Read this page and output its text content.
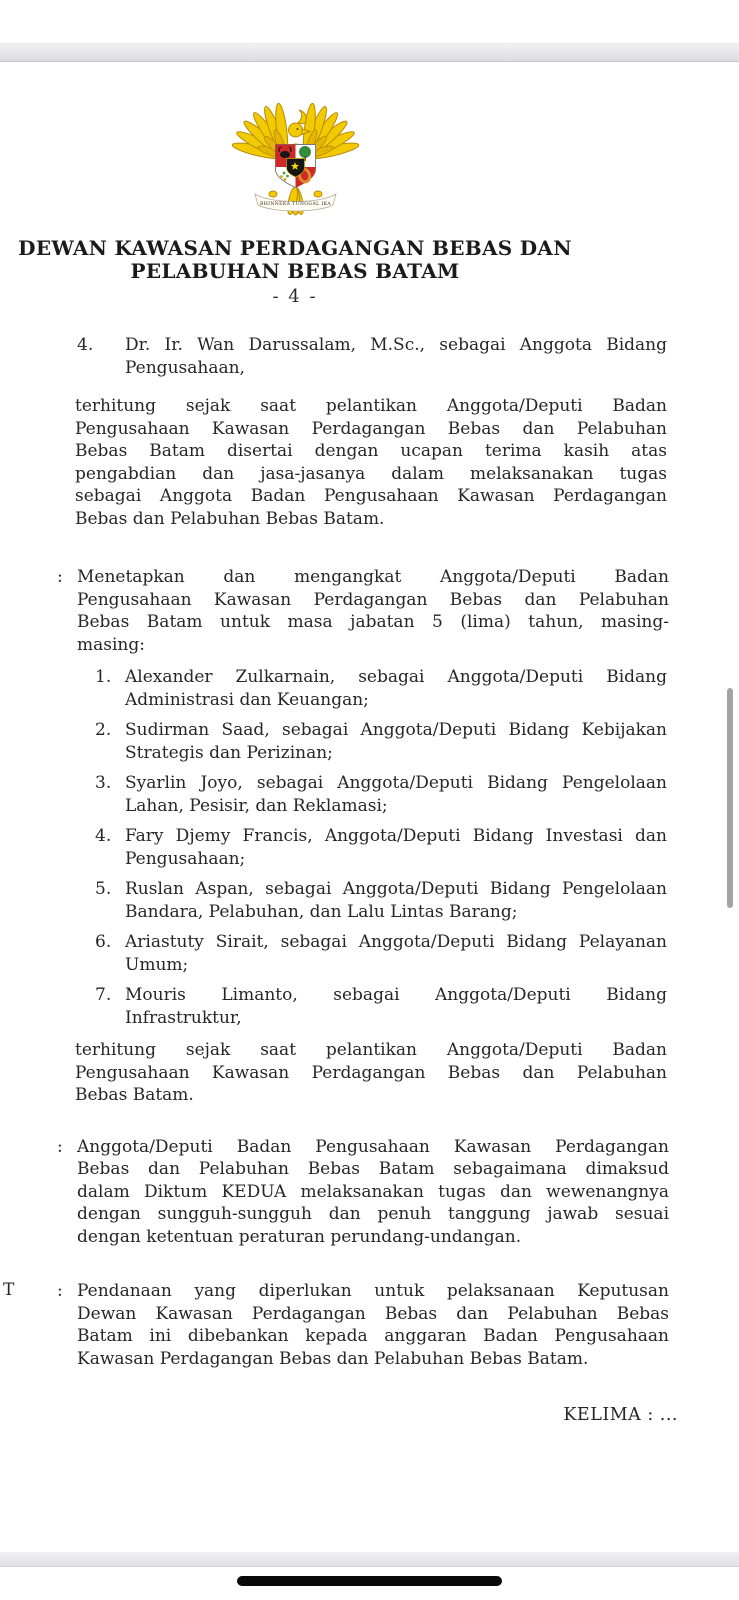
BHINNEKA TUNGGAL IKA
DEWAN KAWASAN PERDAGANGAN BEBAS DAN
PELABUHAN BEBAS BATAM
- 4 -
T
4.	Dr. Ir. Wan Darussalam, M.Sc., sebagai Anggota Bidang
Pengusahaan,
terhitung sejak saat pelantikan Anggota/Deputi Badan
Pengusahaan Kawasan Perdagangan Bebas dan Pelabuhan
Bebas Batam disertai dengan ucapan terima kasih atas
pengabdian dan jasa-jasanya dalam melaksanakan tugas
sebagai Anggota Badan Pengusahaan Kawasan Perdagangan
Bebas dan Pelabuhan Bebas Batam.
: Menetapkan dan mengangkat Anggota/Deputi Badan
Pengusahaan Kawasan Perdagangan Bebas dan Pelabuhan
Bebas Batam untuk masa jabatan 5 (lima) tahun, masing-
masing:
1. Alexander Zulkarnain, sebagai Anggota/Deputi Bidang
Administrasi dan Keuangan;
2. Sudirman Saad, sebagai Anggota/Deputi Bidang Kebijakan
Strategis dan Perizinan;
3. Syarlin Joyo, sebagai Anggota/Deputi Bidang Pengelolaan
Lahan, Pesisir, dan Reklamasi;
4. Fary Djemy Francis, Anggota/Deputi Bidang Investasi dan
Pengusahaan;
5. Ruslan Aspan, sebagai Anggota/Deputi Bidang Pengelolaan
Bandara, Pelabuhan, dan Lalu Lintas Barang;
6. Ariastuty Sirait, sebagai Anggota/Deputi Bidang Pelayanan
Umum;
7. Mouris Limanto, sebagai Anggota/Deputi Bidang
Infrastruktur,
terhitung sejak saat pelantikan Anggota/Deputi Badan
Pengusahaan Kawasan Perdagangan Bebas dan Pelabuhan
Bebas Batam.
: Anggota/Deputi Badan Pengusahaan Kawasan Perdagangan
Bebas dan Pelabuhan Bebas Batam sebagaimana dimaksud
dalam Diktum KEDUA melaksanakan tugas dan wewenangnya
dengan sungguh-sungguh dan penuh tanggung jawab sesuai
dengan ketentuan peraturan perundang-undangan.
: Pendanaan yang diperlukan untuk pelaksanaan Keputusan
Dewan Kawasan Perdagangan Bebas dan Pelabuhan Bebas
Batam ini dibebankan kepada anggaran Badan Pengusahaan
Kawasan Perdagangan Bebas dan Pelabuhan Bebas Batam.
KELIMA : ...
